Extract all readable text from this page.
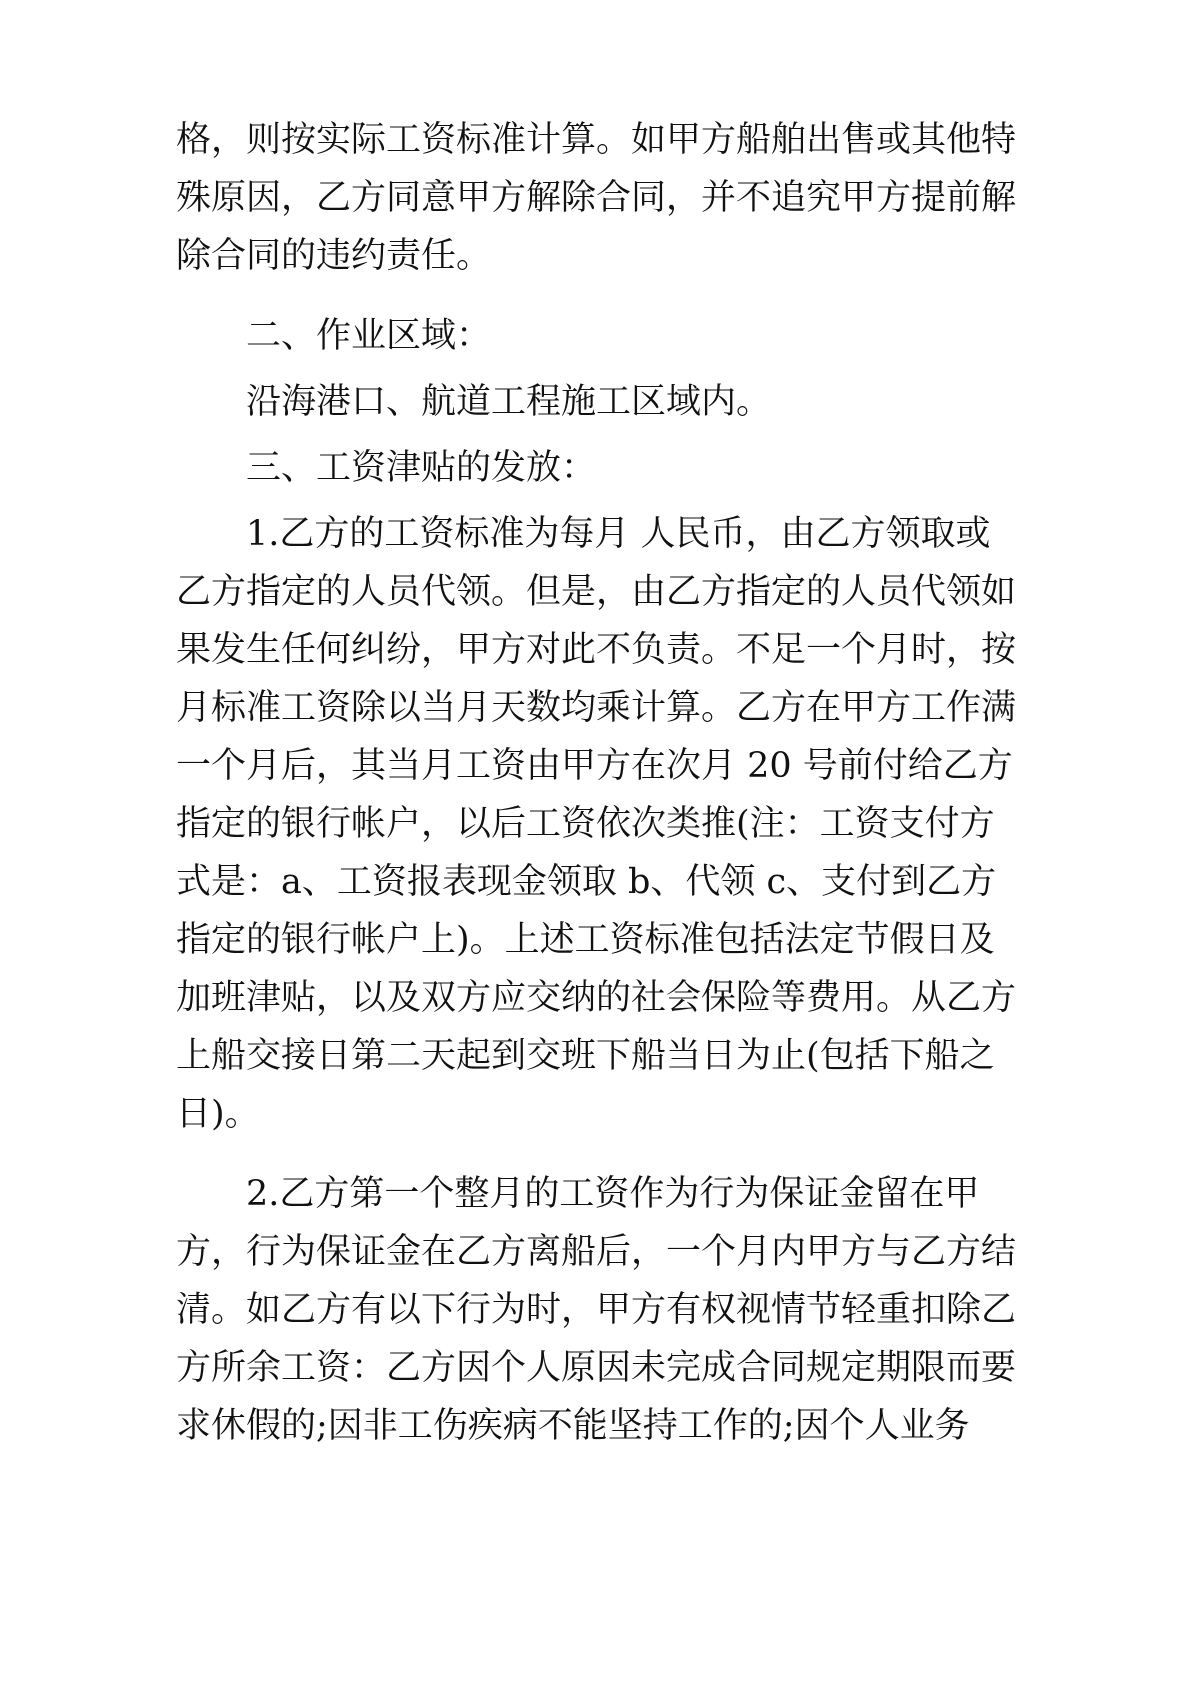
格，则按实际工资标准计算。如甲方船舶出售或其他特

殊原因，乙方同意甲方解除合同，并不追究甲方提前解

除合同的违约责任。

二、作业区域：

沿海港口、航道工程施工区域内。

三、工资津贴的发放：

1.乙方的工资标准为每月 人民币，由乙方领取或

乙方指定的人员代领。但是，由乙方指定的人员代领如

果发生任何纠纷，甲方对此不负责。不足一个月时，按

月标准工资除以当月天数均乘计算。乙方在甲方工作满

一个月后，其当月工资由甲方在次月 20 号前付给乙方

指定的银行帐户，以后工资依次类推(注：工资支付方

式是：a、工资报表现金领取 b、代领 c、支付到乙方

指定的银行帐户上)。上述工资标准包括法定节假日及

加班津贴，以及双方应交纳的社会保险等费用。从乙方

上船交接日第二天起到交班下船当日为止(包括下船之

日)。

2.乙方第一个整月的工资作为行为保证金留在甲

方，行为保证金在乙方离船后，一个月内甲方与乙方结

清。如乙方有以下行为时，甲方有权视情节轻重扣除乙

方所余工资：乙方因个人原因未完成合同规定期限而要

求休假的;因非工伤疾病不能坚持工作的;因个人业务
